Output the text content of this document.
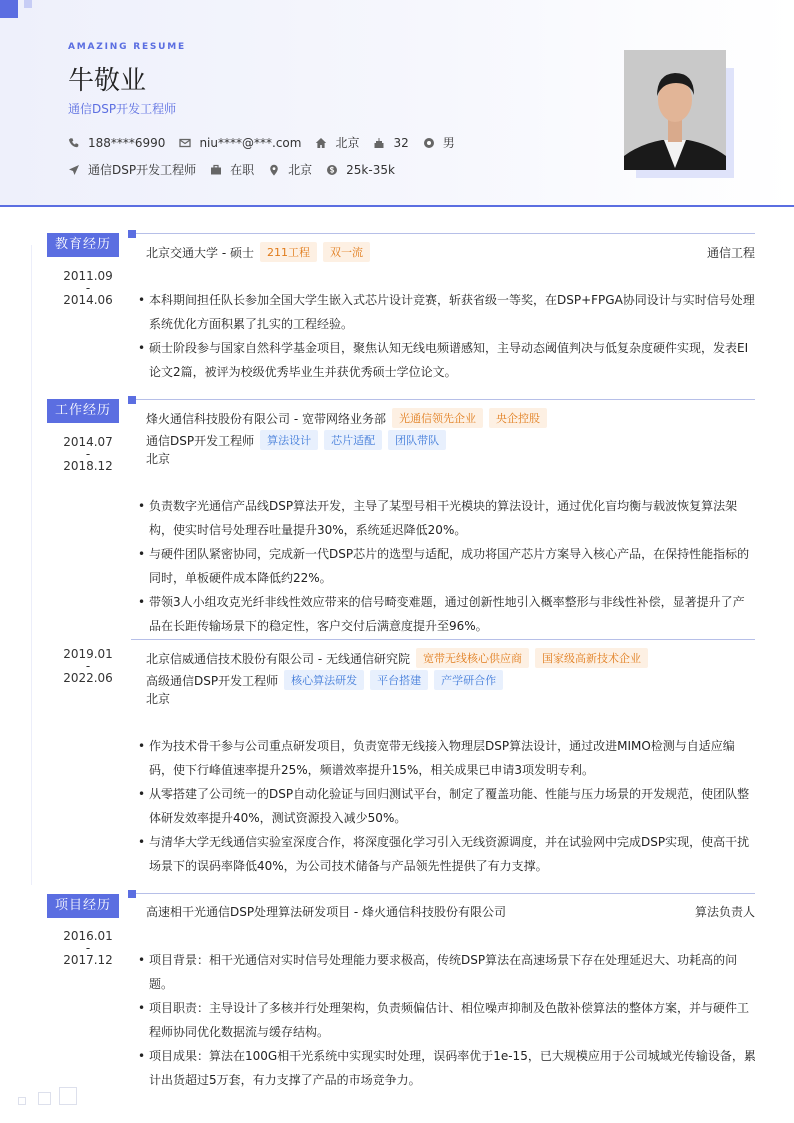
AMAZING RESUME
牛敬业
通信DSP开发工程师
188****6990	niu****@***.com	北京	32	男
通信DSP开发工程师	在职	北京	25k-35k
教育经历
2011.09
-
2014.06
北京交通大学 - 硕士	211工程	双一流	通信工程
• 本科期间担任队长参加全国大学生嵌入式芯片设计竞赛，斩获省级一等奖，在DSP+FPGA协同设计与实时信号处理系统优化方面积累了扎实的工程经验。
• 硕士阶段参与国家自然科学基金项目，聚焦认知无线电频谱感知，主导动态阈值判决与低复杂度硬件实现，发表EI论文2篇，被评为校级优秀毕业生并获优秀硕士学位论文。
工作经历
2014.07
-
2018.12
烽火通信科技股份有限公司 - 宽带网络业务部	光通信领先企业	央企控股
通信DSP开发工程师	算法设计	芯片适配	团队带队
北京
• 负责数字光通信产品线DSP算法开发，主导了某型号相干光模块的算法设计，通过优化盲均衡与载波恢复算法架构，使实时信号处理吞吐量提升30%，系统延迟降低20%。
• 与硬件团队紧密协同，完成新一代DSP芯片的选型与适配，成功将国产芯片方案导入核心产品，在保持性能指标的同时，单板硬件成本降低约22%。
• 带领3人小组攻克光纤非线性效应带来的信号畸变难题，通过创新性地引入概率整形与非线性补偿，显著提升了产品在长距传输场景下的稳定性，客户交付后满意度提升至96%。
2019.01
-
2022.06
北京信威通信技术股份有限公司 - 无线通信研究院	宽带无线核心供应商	国家级高新技术企业
高级通信DSP开发工程师	核心算法研发	平台搭建	产学研合作
北京
• 作为技术骨干参与公司重点研发项目，负责宽带无线接入物理层DSP算法设计，通过改进MIMO检测与自适应编码，使下行峰值速率提升25%，频谱效率提升15%，相关成果已申请3项发明专利。
• 从零搭建了公司统一的DSP自动化验证与回归测试平台，制定了覆盖功能、性能与压力场景的开发规范，使团队整体研发效率提升40%，测试资源投入减少50%。
• 与清华大学无线通信实验室深度合作，将深度强化学习引入无线资源调度，并在试验网中完成DSP实现，使高干扰场景下的误码率降低40%，为公司技术储备与产品领先性提供了有力支撑。
项目经历
2016.01
-
2017.12
高速相干光通信DSP处理算法研发项目 - 烽火通信科技股份有限公司	算法负责人
• 项目背景：相干光通信对实时信号处理能力要求极高，传统DSP算法在高速场景下存在处理延迟大、功耗高的问题。
• 项目职责：主导设计了多核并行处理架构，负责频偏估计、相位噪声抑制及色散补偿算法的整体方案，并与硬件工程师协同优化数据流与缓存结构。
• 项目成果：算法在100G相干光系统中实现实时处理，误码率优于1e-15，已大规模应用于公司城域光传输设备，累计出货超过5万套，有力支撑了产品的市场竞争力。
